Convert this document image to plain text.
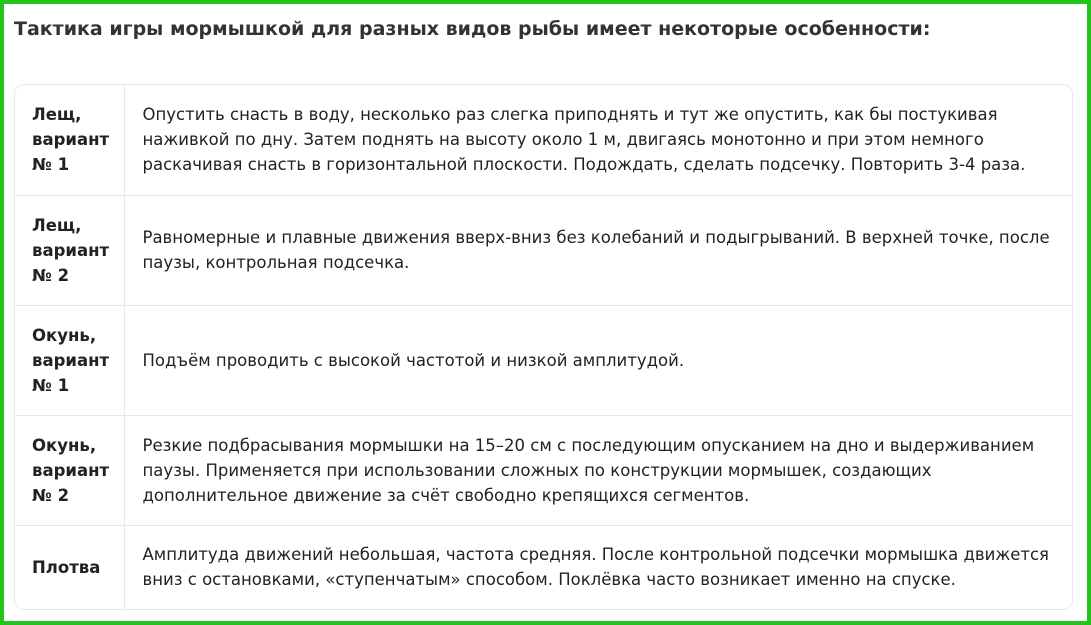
Тактика игры мормышкой для разных видов рыбы имеет некоторые особенности:
Лещ, вариант № 1	Опустить снасть в воду, несколько раз слегка приподнять и тут же опустить, как бы постукивая наживкой по дну. Затем поднять на высоту около 1 м, двигаясь монотонно и при этом немного раскачивая снасть в горизонтальной плоскости. Подождать, сделать подсечку. Повторить 3-4 раза.
Лещ, вариант № 2	Равномерные и плавные движения вверх-вниз без колебаний и подыгрываний. В верхней точке, после паузы, контрольная подсечка.
Окунь, вариант № 1	Подъём проводить с высокой частотой и низкой амплитудой.
Окунь, вариант № 2	Резкие подбрасывания мормышки на 15–20 см с последующим опусканием на дно и выдерживанием паузы. Применяется при использовании сложных по конструкции мормышек, создающих дополнительное движение за счёт свободно крепящихся сегментов.
Плотва	Амплитуда движений небольшая, частота средняя. После контрольной подсечки мормышка движется вниз с остановками, «ступенчатым» способом. Поклёвка часто возникает именно на спуске.
